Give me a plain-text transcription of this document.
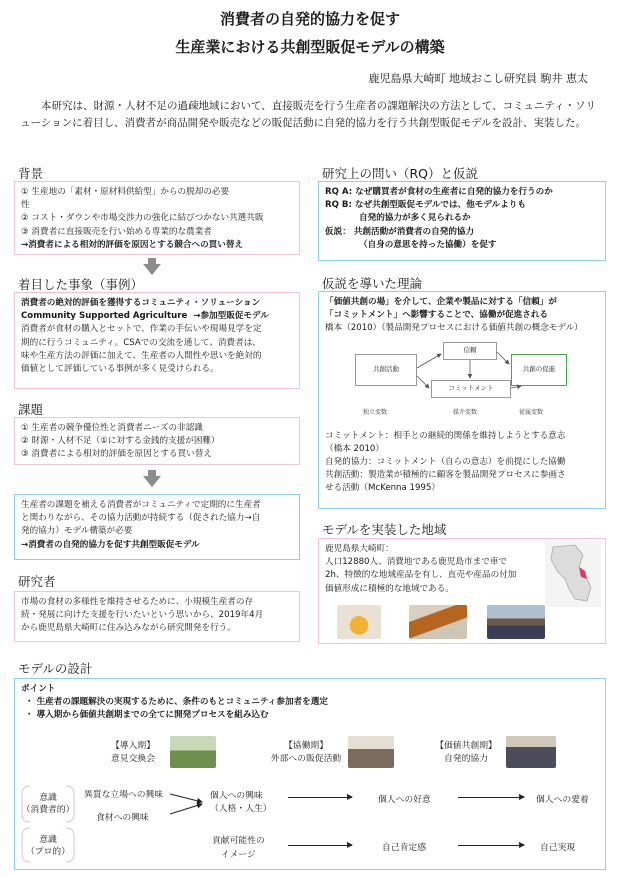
消費者の自発的協力を促す
生産業における共創型販促モデルの構築
鹿児島県大崎町 地域おこし研究員 駒井 恵太
本研究は、財源・人材不足の過疎地域において、直接販売を行う生産者の課題解決の方法として、コミュニティ・ソリューションに着目し、消費者が商品開発や販売などの販促活動に自発的協力を行う共創型販促モデルを設計、実装した。
背景
① 生産地の「素材・原材料供給型」からの脱却の必要
性
② コスト・ダウンや市場交渉力の強化に結びつかない共選共販
③ 消費者に直接販売を行い始める専業的な農業者
→消費者による相対的評価を原因とする競合への買い替え
着目した事象（事例）
消費者の絶対的評価を獲得するコミュニティ・ソリューション
Community Supported Agriculture →参加型販促モデル
消費者が食材の購入とセットで、作業の手伝いや現場見学を定
期的に行うコミュニティ。CSAでの交流を通して、消費者は、
味や生産方法の評価に加えて、生産者の人間性や思いを絶対的
価値として評価している事例が多く見受けられる。
課題
① 生産者の競争優位性と消費者ニーズの非認識
② 財源・人材不足（①に対する金銭的支援が困難）
③ 消費者による相対的評価を原因とする買い替え
生産者の課題を補える消費者がコミュニティで定期的に生産者
と関わりながら、その協力活動が持続する（促された協力→自
発的協力）モデル構築が必要
→消費者の自発的協力を促す共創型販促モデル
研究者
市場の食材の多様性を維持させるために、小規模生産者の存
続・発展に向けた支援を行いたいという思いから、2019年4月
から鹿児島県大崎町に住み込みながら研究開発を行う。
研究上の問い（RQ）と仮説
RQ A: なぜ購買者が食材の生産者に自発的協力を行うのか
RQ B: なぜ共創型販促モデルでは、他モデルよりも
自発的協力が多く見られるか
仮説： 共創活動が消費者の自発的協力
（自身の意思を持った協働）を促す
仮説を導いた理論
「価値共創の場」を介して、企業や製品に対する「信頼」が
「コミットメント」へ影響することで、協働が促進される
橋本（2010）（製品開発プロセスにおける価値共創の概念モデル）
共創活動
信頼
コミットメント
共創の促進
独立変数	媒介変数	従属変数
コミットメント：相手との継続的関係を維持しようとする意志
（橋本 2010）
自発的協力：コミットメント（自らの意志）を前提にした協働
共創活動：製造業が積極的に顧客を製品開発プロセスに参画さ
せる活動（McKenna 1995）
モデルを実装した地域
鹿児島県大崎町：
人口12880人、消費地である鹿児島市まで車で
2h、特徴的な地域産品を有し、直売や産品の付加
価値形成に積極的な地域である。
モデルの設計
ポイント
・ 生産者の課題解決の実現するために、条件のもとコミュニティ参加者を選定
・ 導入期から価値共創期までの全てに開発プロセスを組み込む
【導入期】
意見交換会
【協働期】
外部への販促活動
【価値共創期】
自発的協力
意識
（消費者的）
意識
（プロ的）
異質な立場への興味
食材への興味
個人への興味
（人格・人生）
個人への好意	個人への愛着
貢献可能性の
イメージ
自己肯定感	自己実現
